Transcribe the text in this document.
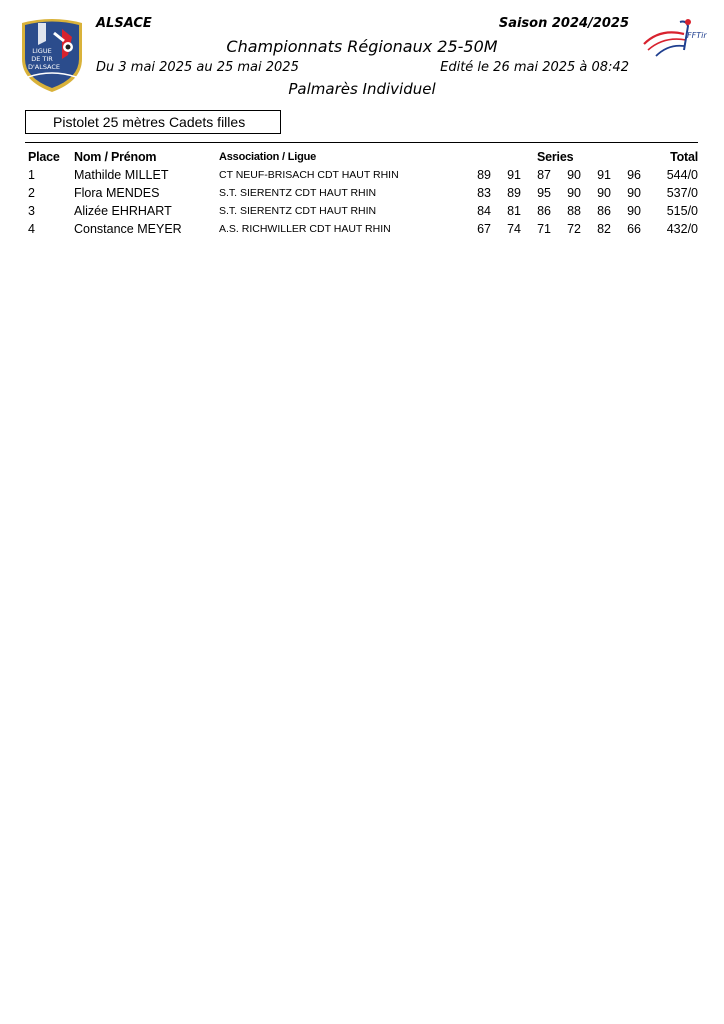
LIGUE
DE TIR
D'ALSACE
ALSACE	Saison 2024/2025
Championnats Régionaux 25-50M
Du 3 mai 2025 au 25 mai 2025	Edité le 26 mai 2025 à 08:42
Palmarès Individuel
FFTir
Pistolet 25 mètres Cadets filles
Place Nom / Prénom	Association / Ligue	Series	Total
1	Mathilde MILLET	CT NEUF-BRISACH CDT HAUT RHIN	89	91	87	90	91	96	544/0
2	Flora MENDES	S.T. SIERENTZ CDT HAUT RHIN	83	89	95	90	90	90	537/0
3	Alizée EHRHART	S.T. SIERENTZ CDT HAUT RHIN	84	81	86	88	86	90	515/0
4	Constance MEYER	A.S. RICHWILLER CDT HAUT RHIN	67	74	71	72	82	66	432/0
